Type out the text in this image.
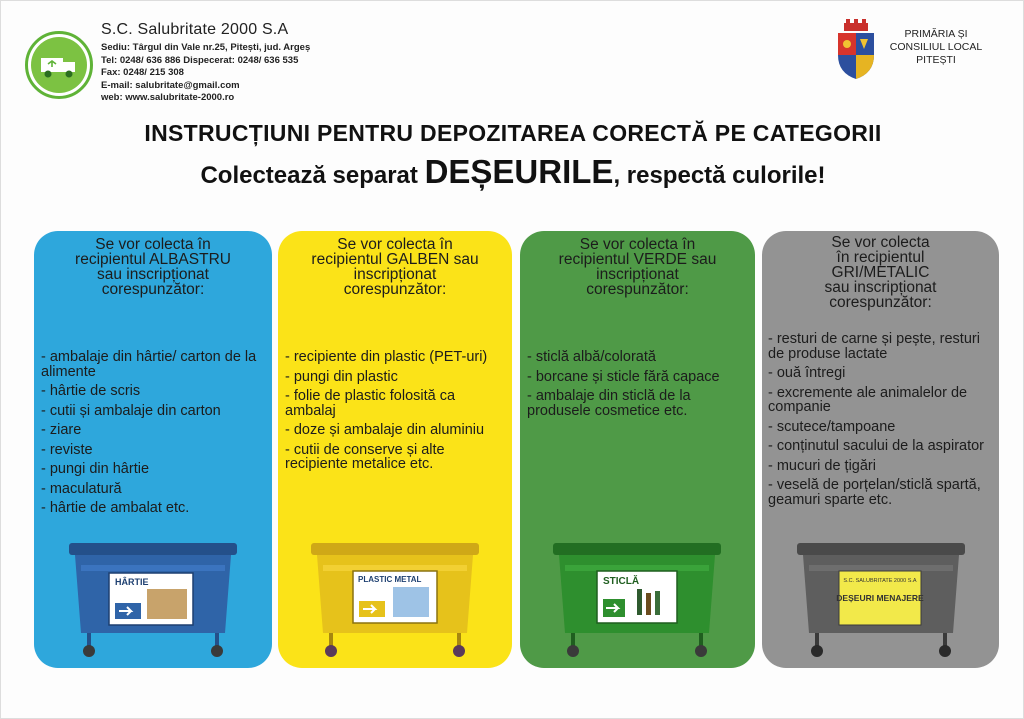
S.C. Salubritate 2000 S.A
Sediu: Târgul din Vale nr.25, Pitești, jud. Argeș
Tel: 0248/ 636 886 Dispecerat: 0248/ 636 535
Fax: 0248/ 215 308
E-mail: salubritate@gmail.com
web: www.salubritate-2000.ro
PRIMĂRIA ȘI
CONSILIUL LOCAL
PITEȘTI
INSTRUCȚIUNI PENTRU DEPOZITAREA CORECTĂ PE CATEGORII
Colectează separat DEȘEURILE, respectă culorile!
Se vor colecta în
recipientul ALBASTRU
sau inscripționat
corespunzător:
- ambalaje din hârtie/ carton de la alimente
- hârtie de scris
- cutii și ambalaje din carton
- ziare
- reviste
- pungi din hârtie
- maculatură
- hârtie de ambalat etc.
HÂRTIE
Se vor colecta în
recipientul GALBEN sau
inscripționat
corespunzător:
- recipiente din plastic (PET-uri)
- pungi din plastic
- folie de plastic folosită ca ambalaj
- doze și ambalaje din aluminiu
- cutii de conserve și alte recipiente metalice etc.
PLASTIC METAL
Se vor colecta în
recipientul VERDE sau
inscripționat
corespunzător:
- sticlă albă/colorată
- borcane și sticle fără capace
- ambalaje din sticlă de la produsele cosmetice etc.
STICLĂ
Se vor colecta
în recipientul
GRI/METALIC
sau inscripționat
corespunzător:
- resturi de carne și pește, resturi de produse lactate
- ouă întregi
- excremente ale animalelor de companie
- scutece/tampoane
- conținutul sacului de la aspirator
- mucuri de țigări
- veselă de porțelan/sticlă spartă, geamuri sparte etc.
S.C. SALUBRITATE 2000 S.A
DEȘEURI MENAJERE
